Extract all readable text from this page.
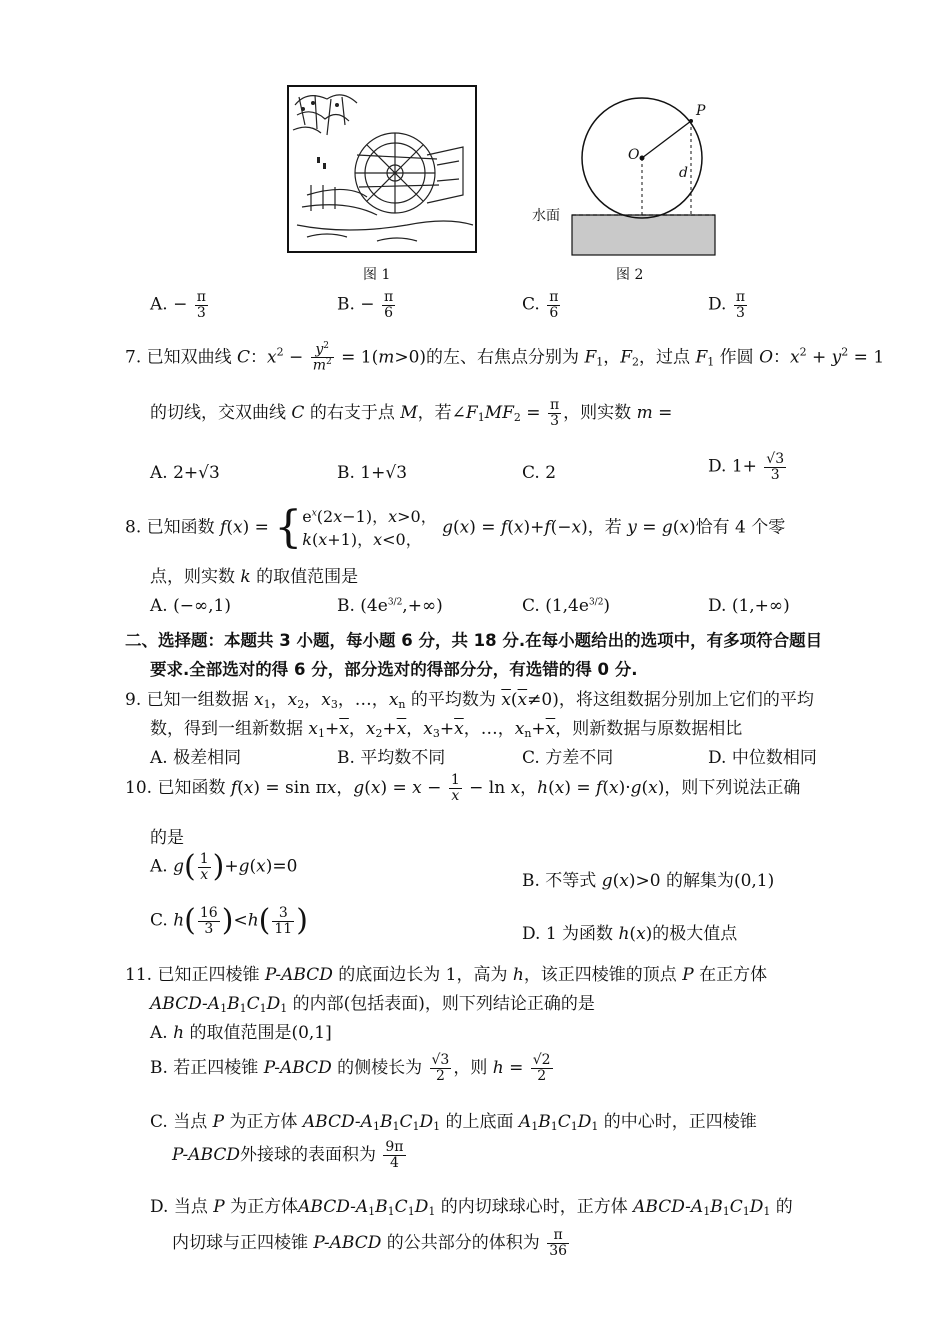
图 1
O
P
d
水面
图 2
A. − $\frac{\pi}{3}$	B. − $\frac{\pi}{6}$	C. $\frac{\pi}{6}$	D. $\frac{\pi}{3}$
7. 已知双曲线 C：$x^2 - \frac{y^2}{m^2} = 1(m>0)$的左、右焦点分别为 $F_1$，$F_2$，过点 $F_1$ 作圆 O：$x^2 + y^2 = 1$
的切线，交双曲线 C 的右支于点 M，若$\angle F_1MF_2 = \frac{\pi}{3}$ ，则实数 m =
A. 2+√3	B. 1+√3	C. 2	D. $1+ \frac{√3}{3}$
8. 已知函数 $f(x) = \{e^x(2x-1)$，x>0，
k(x+1)，x<0， g(x) = f(x)+f(−x)，若 y = g(x)恰有 4 个零
点，则实数 k 的取值范围是
A. (−∞,1)	B. $(4e^{3/2},+\infty)$	C. $(1,4e^{3/2})$	D. (1,+∞)
二、选择题：本题共 3 小题，每小题 6 分，共 18 分.在每小题给出的选项中，有多项符合题目
要求.全部选对的得 6 分，部分选对的得部分分，有选错的得 0 分.
9. 已知一组数据 $x_1$，$x_2$，$x_3$，…，$x_n$ 的平均数为 $\overline{x}(\overline{x}\ne 0)$，将这组数据分别加上它们的平均
数，得到一组新数据 $x_1+\overline{x}$，$x_2+\overline{x}$，$x_3+\overline{x}$，…，$x_n+\overline{x}$，则新数据与原数据相比
A. 极差相同	B. 平均数不同	C. 方差不同	D. 中位数相同
10. 已知函数 f(x) = sin πx，$g(x) = x - \frac{1}{x} - \ln x$，h(x) = f(x)·g(x)，则下列说法正确
的是
A. $g( \frac{1}{x} )+g(x)=0$
B. 不等式 g(x)>0 的解集为(0,1)
C. $h( \frac{16}{3} )<h( \frac{3}{11}$ )	D. 1 为函数 h(x)的极大值点
11. 已知正四棱锥 P-ABCD 的底面边长为 1，高为 h，该正四棱锥的顶点 P 在正方体
ABCD-$A_1B_1C_1D_1$ 的内部(包括表面)，则下列结论正确的是
A. h 的取值范围是(0,1]
B. 若正四棱锥 P-ABCD 的侧棱长为 $\frac{√3}{2}$ ，则 $h = \frac{√2}{2}$
C. 当点 P 为正方体 ABCD-$A_1B_1C_1D_1$ 的上底面 $A_1B_1C_1D_1$ 的中心时，正四棱锥
P-ABCD外接球的表面积为 $\frac{9\pi}{4}$
D. 当点 P 为正方体ABCD-$A_1B_1C_1D_1$ 的内切球球心时，正方体 ABCD-$A_1B_1C_1D_1$ 的
内切球与正四棱锥 P-ABCD 的公共部分的体积为 $\frac{\pi}{36}$
